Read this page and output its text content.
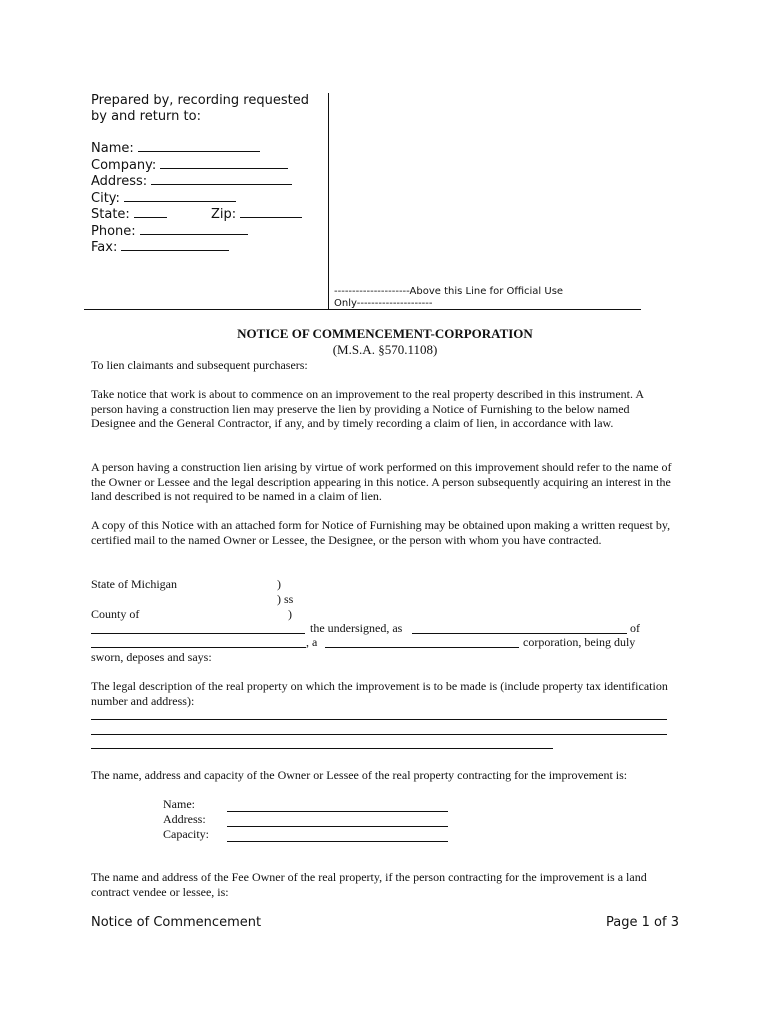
Prepared by, recording requested by and return to:
Name:
Company:
Address:
City:
State:	Zip:
Phone:
Fax:
---------------------Above this Line for Official Use Only---------------------
NOTICE OF COMMENCEMENT-CORPORATION
(M.S.A. §570.1108)
To lien claimants and subsequent purchasers:
Take notice that work is about to commence on an improvement to the real property described in this instrument. A person having a construction lien may preserve the lien by providing a Notice of Furnishing to the below named Designee and the General Contractor, if any, and by timely recording a claim of lien, in accordance with law.
A person having a construction lien arising by virtue of work performed on this improvement should refer to the name of the Owner or Lessee and the legal description appearing in this notice. A person subsequently acquiring an interest in the land described is not required to be named in a claim of lien.
A copy of this Notice with an attached form for Notice of Furnishing may be obtained upon making a written request by, certified mail to the named Owner or Lessee, the Designee, or the person with whom you have contracted.
State of Michigan	)
) ss
County of	)
the undersigned, as	of
, a	corporation, being duly
sworn, deposes and says:
The legal description of the real property on which the improvement is to be made is (include property tax identification number and address):
The name, address and capacity of the Owner or Lessee of the real property contracting for the improvement is:
Name:
Address:
Capacity:
The name and address of the Fee Owner of the real property, if the person contracting for the improvement is a land contract vendee or lessee, is:
Notice of Commencement	Page 1 of 3
